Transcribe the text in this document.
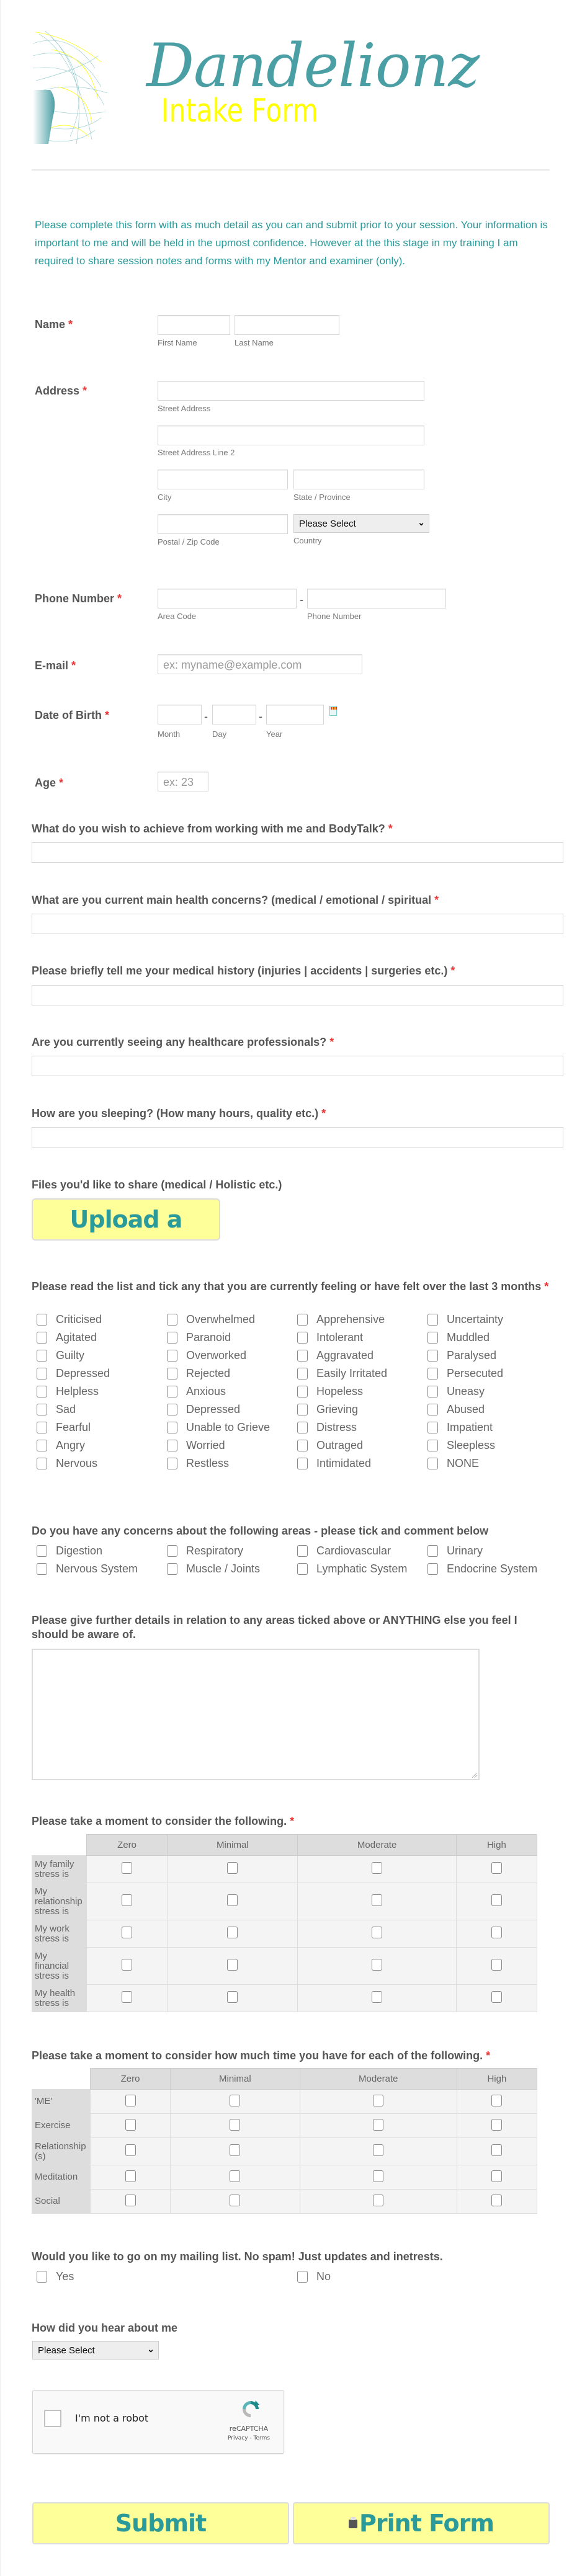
Dandelionz
Intake Form
Please complete this form with as much detail as you can and submit prior to your session. Your information is important to me and will be held in the upmost confidence. However at the this stage in my training I am required to share session notes and forms with my Mentor and examiner (only).
Name *
First Name	Last Name
Address *
Street Address
Street Address Line 2
City	State / Province
Please Select	⌄
Postal / Zip Code	Country
Phone Number *	-
Area Code	Phone Number
E-mail *	ex: myname@example.com
Date of Birth *	-	-
Month	Day	Year
Age *	ex: 23
What do you wish to achieve from working with me and BodyTalk? *
What are you current main health concerns? (medical / emotional / spiritual *
Please briefly tell me your medical history (injuries | accidents | surgeries etc.) *
Are you currently seeing any healthcare professionals? *
How are you sleeping? (How many hours, quality etc.) *
Files you'd like to share (medical / Holistic etc.)
Upload a
Please read the list and tick any that you are currently feeling or have felt over the last 3 months *
Criticised	Overwhelmed	Apprehensive	Uncertainty
Agitated	Paranoid	Intolerant	Muddled
Guilty	Overworked	Aggravated	Paralysed
Depressed	Rejected	Easily Irritated	Persecuted
Helpless	Anxious	Hopeless	Uneasy
Sad	Depressed	Grieving	Abused
Fearful	Unable to Grieve	Distress	Impatient
Angry	Worried	Outraged	Sleepless
Nervous	Restless	Intimidated	NONE
Do you have any concerns about the following areas - please tick and comment below
Digestion	Respiratory	Cardiovascular	Urinary
Nervous System	Muscle / Joints	Lymphatic System	Endocrine System
Please give further details in relation to any areas ticked above or ANYTHING else you feel I should be aware of.
Please take a moment to consider the following. *
	Zero	Minimal	Moderate	High
My family stress is				
My relationship stress is				
My work stress is				
My financial stress is				
My health stress is				
Please take a moment to consider how much time you have for each of the following. *
	Zero	Minimal	Moderate	High
'ME'				
Exercise				
Relationship (s)				
Meditation				
Social				
Would you like to go on my mailing list. No spam! Just updates and inetrests.
Yes	No
How did you hear about me
Please Select	⌄
I'm not a robot
reCAPTCHA
Privacy - Terms
Submit	Print Form
